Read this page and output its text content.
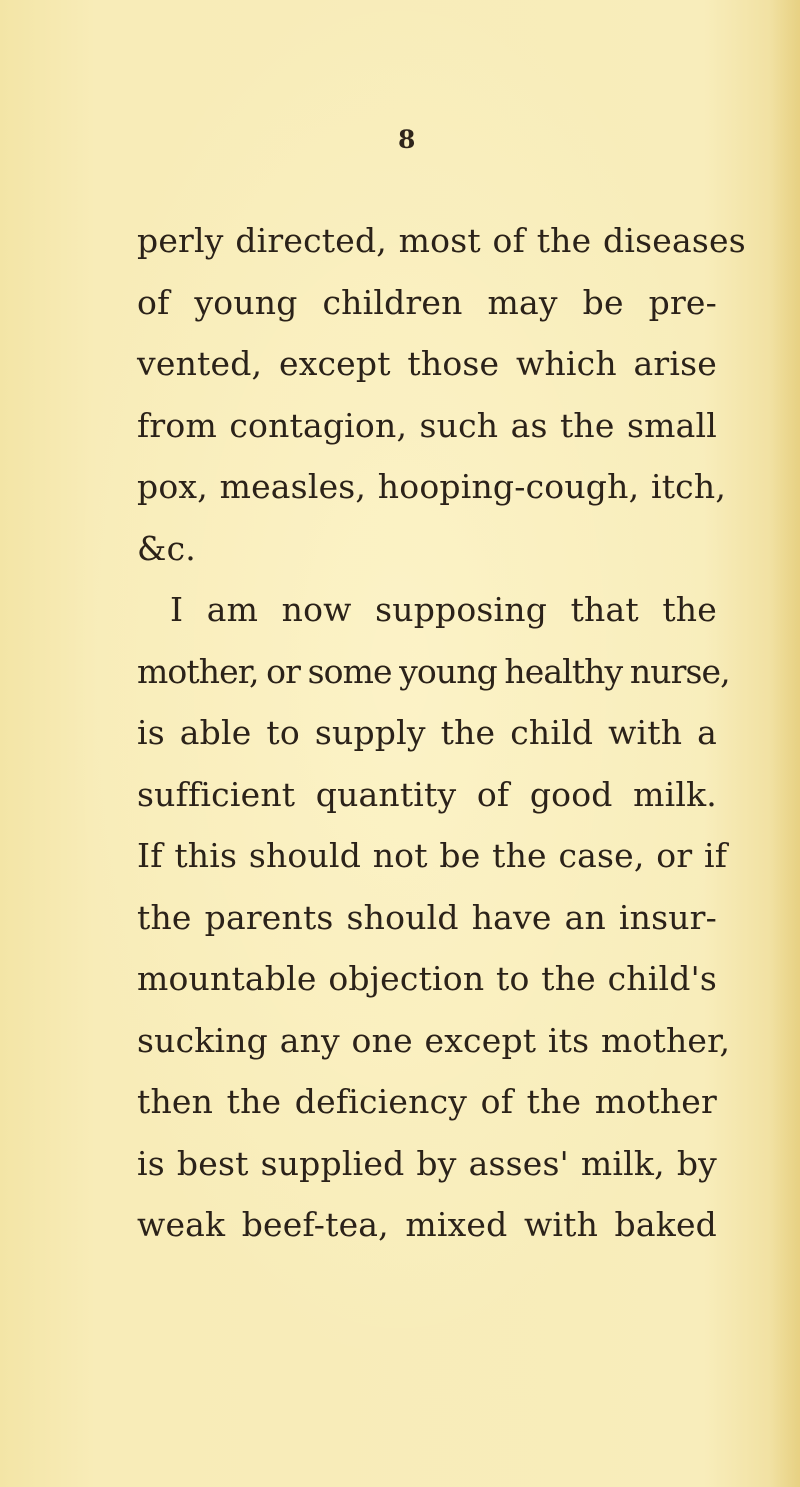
8
perly directed, most of the diseases
of young children may be pre-
vented, except those which arise
from contagion, such as the small
pox, measles, hooping-cough, itch,
&c.
I am now supposing that the
mother, or some young healthy nurse,
is able to supply the child with a
sufficient quantity of good milk.
If this should not be the case, or if
the parents should have an insur-
mountable objection to the child's
sucking any one except its mother,
then the deficiency of the mother
is best supplied by asses' milk, by
weak beef-tea, mixed with baked
